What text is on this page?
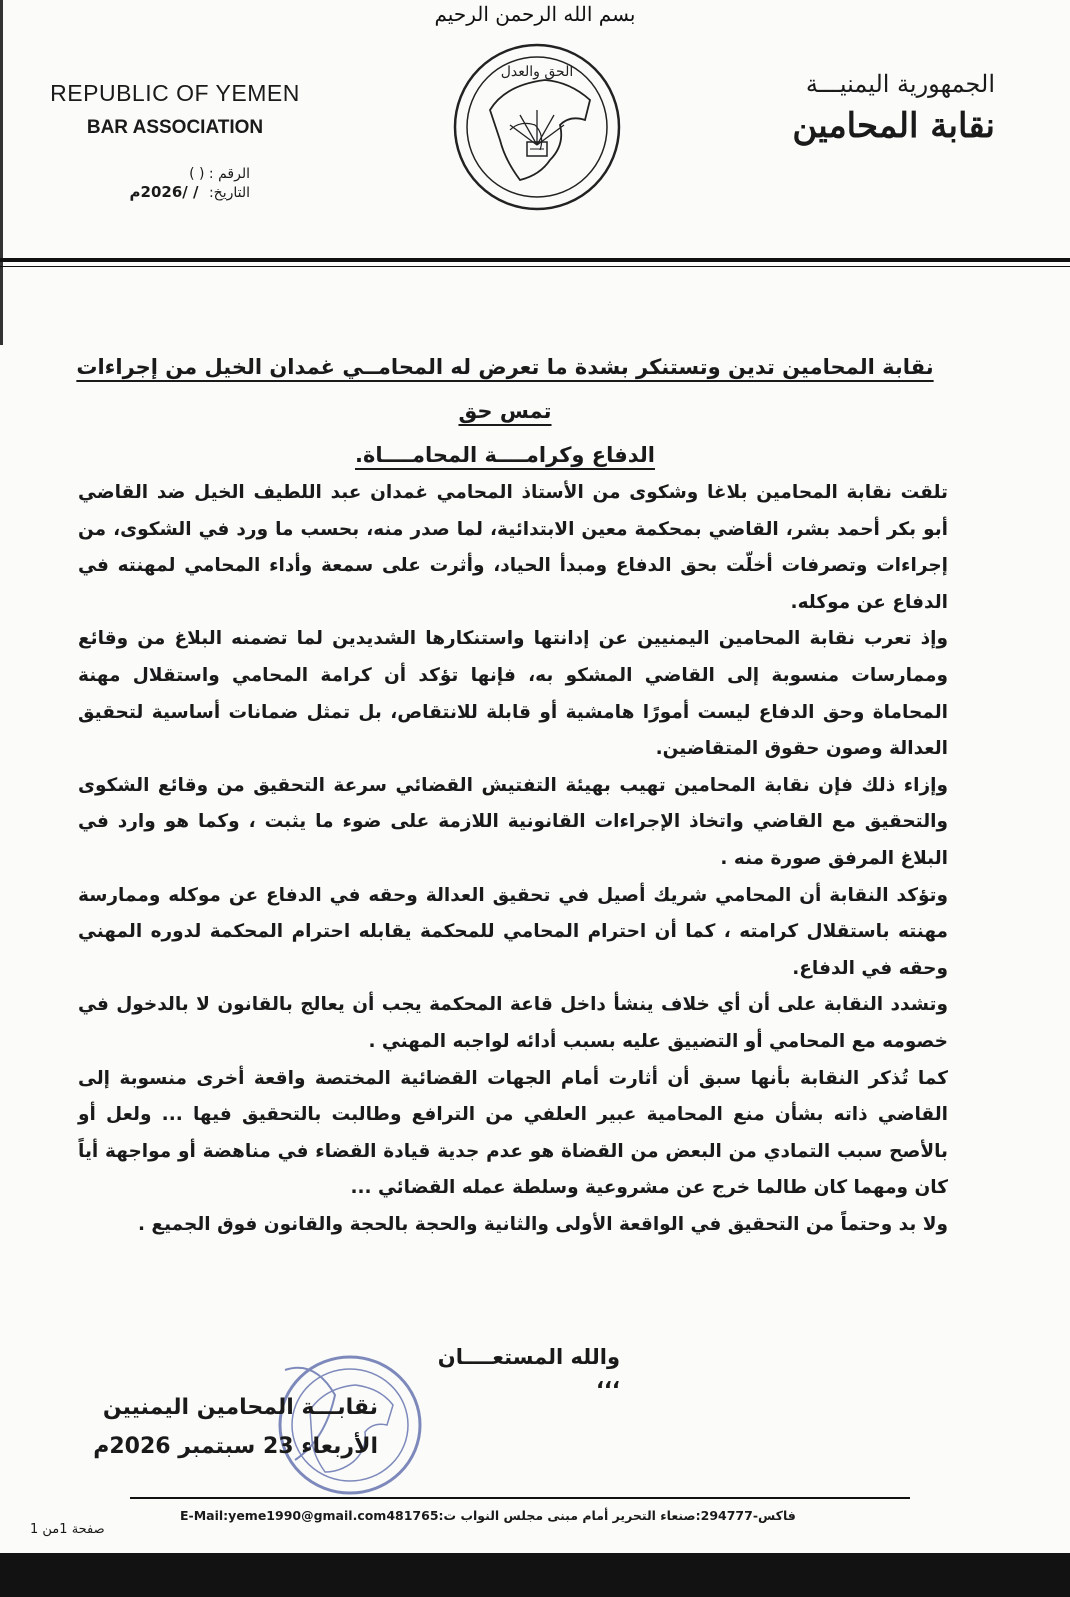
بسم الله الرحمن الرحيم
REPUBLIC OF YEMEN
BAR ASSOCIATION
الرقم : ( )
التاريخ: / /2026م
الجمهورية اليمنيـــة
نقابة المحامين
الحق والعدل
نقابة المحامين تدين وتستنكر بشدة ما تعرض له المحامــي غمدان الخيل من إجراءات تمس حق
الدفاع وكرامــــة المحامــــاة.

تلقت نقابة المحامين بلاغا وشكوى من الأستاذ المحامي غمدان عبد اللطيف الخيل ضد القاضي أبو بكر أحمد بشر، القاضي بمحكمة معين الابتدائية، لما صدر منه، بحسب ما ورد في الشكوى، من إجراءات وتصرفات أخلّت بحق الدفاع ومبدأ الحياد، وأثرت على سمعة وأداء المحامي لمهنته في الدفاع عن موكله.

وإذ تعرب نقابة المحامين اليمنيين عن إدانتها واستنكارها الشديدين لما تضمنه البلاغ من وقائع وممارسات منسوبة إلى القاضي المشكو به، فإنها تؤكد أن كرامة المحامي واستقلال مهنة المحاماة وحق الدفاع ليست أمورًا هامشية أو قابلة للانتقاص، بل تمثل ضمانات أساسية لتحقيق العدالة وصون حقوق المتقاضين.

وإزاء ذلك فإن نقابة المحامين تهيب بهيئة التفتيش القضائي سرعة التحقيق من وقائع الشكوى والتحقيق مع القاضي واتخاذ الإجراءات القانونية اللازمة على ضوء ما يثبت ، وكما هو وارد في البلاغ المرفق صورة منه .

وتؤكد النقابة أن المحامي شريك أصيل في تحقيق العدالة وحقه في الدفاع عن موكله وممارسة مهنته باستقلال كرامته ، كما أن احترام المحامي للمحكمة يقابله احترام المحكمة لدوره المهني وحقه في الدفاع.

وتشدد النقابة على أن أي خلاف ينشأ داخل قاعة المحكمة يجب أن يعالج بالقانون لا بالدخول في خصومه مع المحامي أو التضييق عليه بسبب أدائه لواجبه المهني .

كما تُذكر النقابة بأنها سبق أن أثارت أمام الجهات القضائية المختصة واقعة أخرى منسوبة إلى القاضي ذاته بشأن منع المحامية عبير العلفي من الترافع وطالبت بالتحقيق فيها ... ولعل أو بالأصح سبب التمادي من البعض من القضاة هو عدم جدية قيادة القضاء في مناهضة أو مواجهة أياً كان ومهما كان طالما خرج عن مشروعية وسلطة عمله القضائي ...

ولا بد وحتماً من التحقيق في الواقعة الأولى والثانية والحجة بالحجة والقانون فوق الجميع .

والله المستعــــان ،،،
نقابـــة المحامين اليمنيين
الأربعاء 23 سبتمبر 2026م
E-Mail:yeme1990@gmail.com481765:فاكس-294777:صنعاء التحرير أمام مبنى مجلس النواب ت
صفحة 1من 1
